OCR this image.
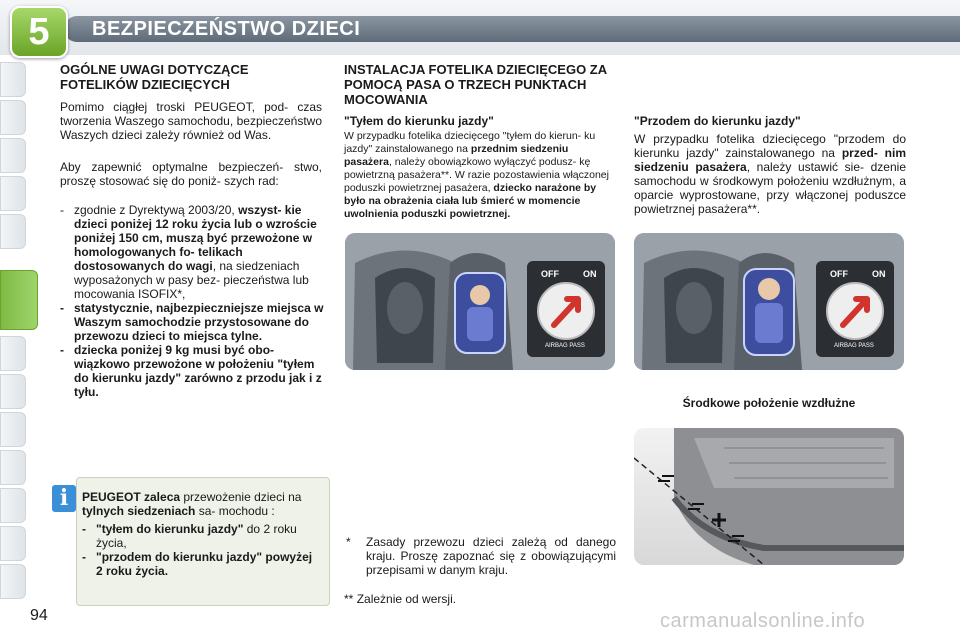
5	BEZPIECZEŃSTWO DZIECI
OGÓLNE UWAGI DOTYCZĄCE FOTELIKÓW DZIECIĘCYCH
Pomimo ciągłej troski PEUGEOT, pod- czas tworzenia Waszego samochodu, bezpieczeństwo Waszych dzieci zależy również od Was.
Aby zapewnić optymalne bezpieczeń- stwo, proszę stosować się do poniż- szych rad:
- zgodnie z Dyrektywą 2003/20, wszyst- kie dzieci poniżej 12 roku życia lub o wzroście poniżej 150 cm, muszą być przewożone w homologowanych fo- telikach dostosowanych do wagi, na siedzeniach wyposażonych w pasy bez- pieczeństwa lub mocowania ISOFIX*,
- statystycznie, najbezpieczniejsze miejsca w Waszym samochodzie przystosowane do przewozu dzieci to miejsca tylne.
- dziecka poniżej 9 kg musi być obo- wiązkowo przewożone w położeniu "tyłem do kierunku jazdy" zarówno z przodu jak i z tyłu.
i	PEUGEOT zaleca przewożenie dzieci na tylnych siedzeniach sa- mochodu :
- "tyłem do kierunku jazdy" do 2 roku życia,
- "przodem do kierunku jazdy" powyżej 2 roku życia.
INSTALACJA FOTELIKA DZIECIĘCEGO ZA POMOCĄ PASA O TRZECH PUNKTACH MOCOWANIA
"Tyłem do kierunku jazdy"
W przypadku fotelika dziecięcego "tyłem do kierun- ku jazdy" zainstalowanego na przednim siedzeniu pasażera, należy obowiązkowo wyłączyć podusz- kę powietrzną pasażera**. W razie pozostawienia włączonej poduszki powietrznej pasażera, dziecko narażone by było na obrażenia ciała lub śmierć w momencie uwolnienia poduszki powietrznej.
OFF	ON
AIRBAG PASS
* Zasady przewozu dzieci zależą od danego kraju. Proszę zapoznać się z obowiązującymi przepisami w danym kraju.
** Zależnie od wersji.
"Przodem do kierunku jazdy"
W przypadku fotelika dziecięcego "przodem do kierunku jazdy" zainstalowanego na przed- nim siedzeniu pasażera, należy ustawić sie- dzenie samochodu w środkowym położeniu wzdłużnym, a oparcie wyprostowane, przy włączonej poduszce powietrznej pasażera**.
OFF	ON
AIRBAG PASS
Środkowe położenie wzdłużne
94	carmanualsonline.info
